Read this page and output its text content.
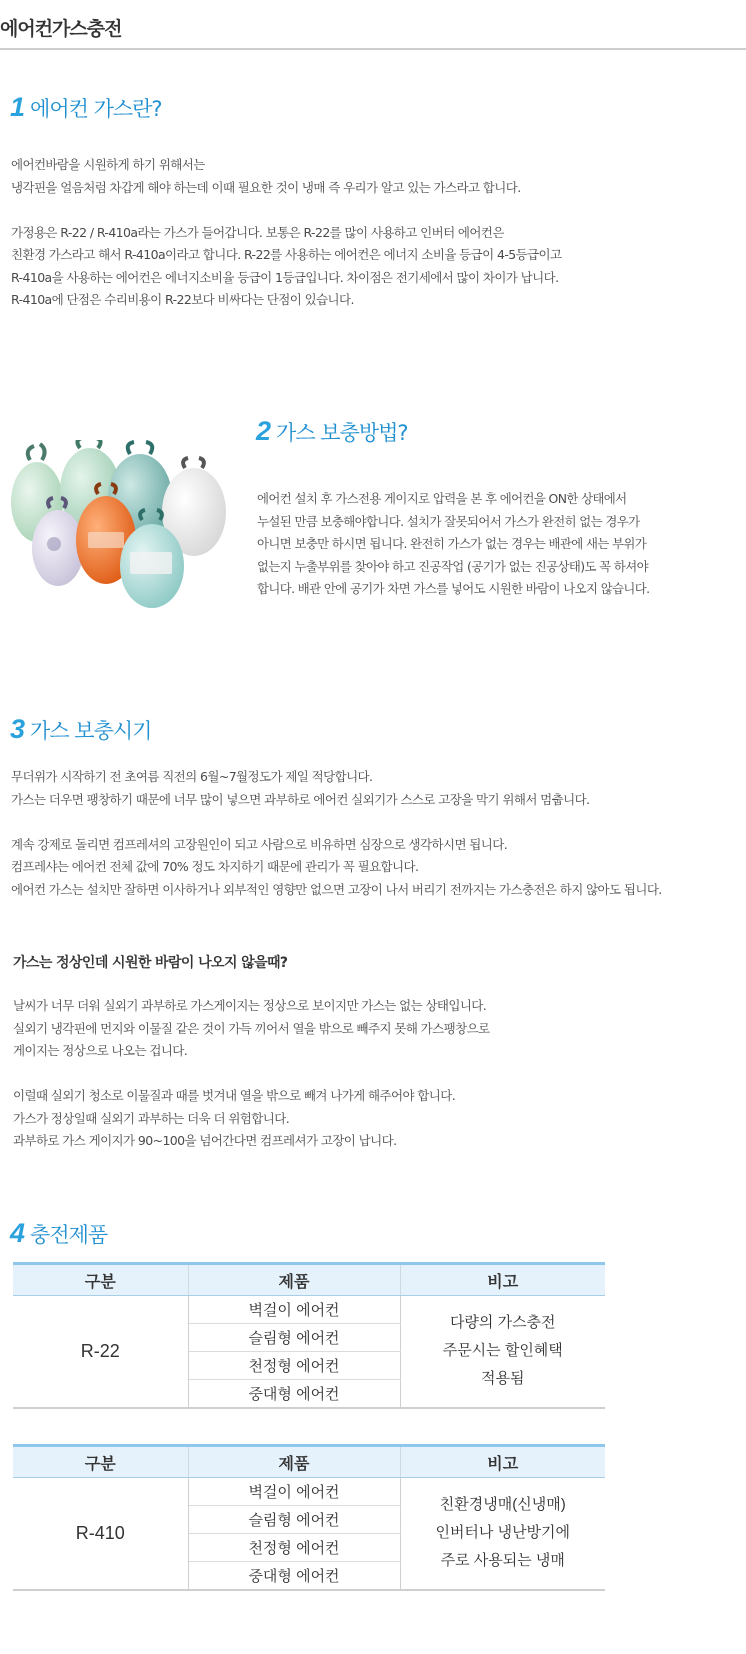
에어컨가스충전
1 에어컨 가스란?

에어컨바람을 시원하게 하기 위해서는

냉각핀을 얼음처럼 차갑게 해야 하는데 이때 필요한 것이 냉매 즉 우리가 알고 있는 가스라고 합니다.

가정용은 R-22 / R-410a라는 가스가 들어갑니다. 보통은 R-22를 많이 사용하고 인버터 에어컨은

친환경 가스라고 해서 R-410a이라고 합니다. R-22를 사용하는 에어컨은 에너지 소비율 등급이 4-5등급이고

R-410a을 사용하는 에어컨은 에너지소비율 등급이 1등급입니다. 차이점은 전기세에서 많이 차이가 납니다.

R-410a에 단점은 수리비용이 R-22보다 비싸다는 단점이 있습니다.

2 가스 보충방법?

에어컨 설치 후 가스전용 게이지로 압력을 본 후 에어컨을 ON한 상태에서

누설된 만큼 보충해야합니다. 설치가 잘못되어서 가스가 완전히 없는 경우가

아니면 보충만 하시면 됩니다. 완전히 가스가 없는 경우는 배관에 새는 부위가

없는지 누출부위를 찾아야 하고 진공작업 (공기가 없는 진공상태)도 꼭 하셔야

합니다. 배관 안에 공기가 차면 가스를 넣어도 시원한 바람이 나오지 않습니다.

3 가스 보충시기

무더위가 시작하기 전 초여름 직전의 6월~7월정도가 제일 적당합니다.

가스는 더우면 팽창하기 때문에 너무 많이 넣으면 과부하로 에어컨 실외기가 스스로 고장을 막기 위해서 멈춥니다.

계속 강제로 돌리면 컴프레셔의 고장원인이 되고 사람으로 비유하면 심장으로 생각하시면 됩니다.

컴프레샤는 에어컨 전체 값에 70% 정도 차지하기 때문에 관리가 꼭 필요합니다.

에어컨 가스는 설치만 잘하면 이사하거나 외부적인 영향만 없으면 고장이 나서 버리기 전까지는 가스충전은 하지 않아도 됩니다.

가스는 정상인데 시원한 바람이 나오지 않을때?

날씨가 너무 더워 실외기 과부하로 가스게이지는 정상으로 보이지만 가스는 없는 상태입니다.

실외기 냉각핀에 먼지와 이물질 같은 것이 가득 끼어서 열을 밖으로 빼주지 못해 가스팽창으로

게이지는 정상으로 나오는 겁니다.

이럴때 실외기 청소로 이물질과 때를 벗겨내 열을 밖으로 빼겨 나가게 해주어야 합니다.

가스가 정상일때 실외기 과부하는 더욱 더 위험합니다.

과부하로 가스 게이지가 90~100을 넘어간다면 컴프레셔가 고장이 납니다.

4 충전제품
구분	제품	비고
R-22	벽걸이 에어컨	다량의 가스충전
주문시는 할인혜택
적용됨

	슬림형 에어컨	
	천정형 에어컨	
	중대형 에어컨	
구분	제품	비고
R-410	벽걸이 에어컨	친환경냉매(신냉매)
인버터나 냉난방기에
주로 사용되는 냉매

	슬림형 에어컨	
	천정형 에어컨	
	중대형 에어컨	
